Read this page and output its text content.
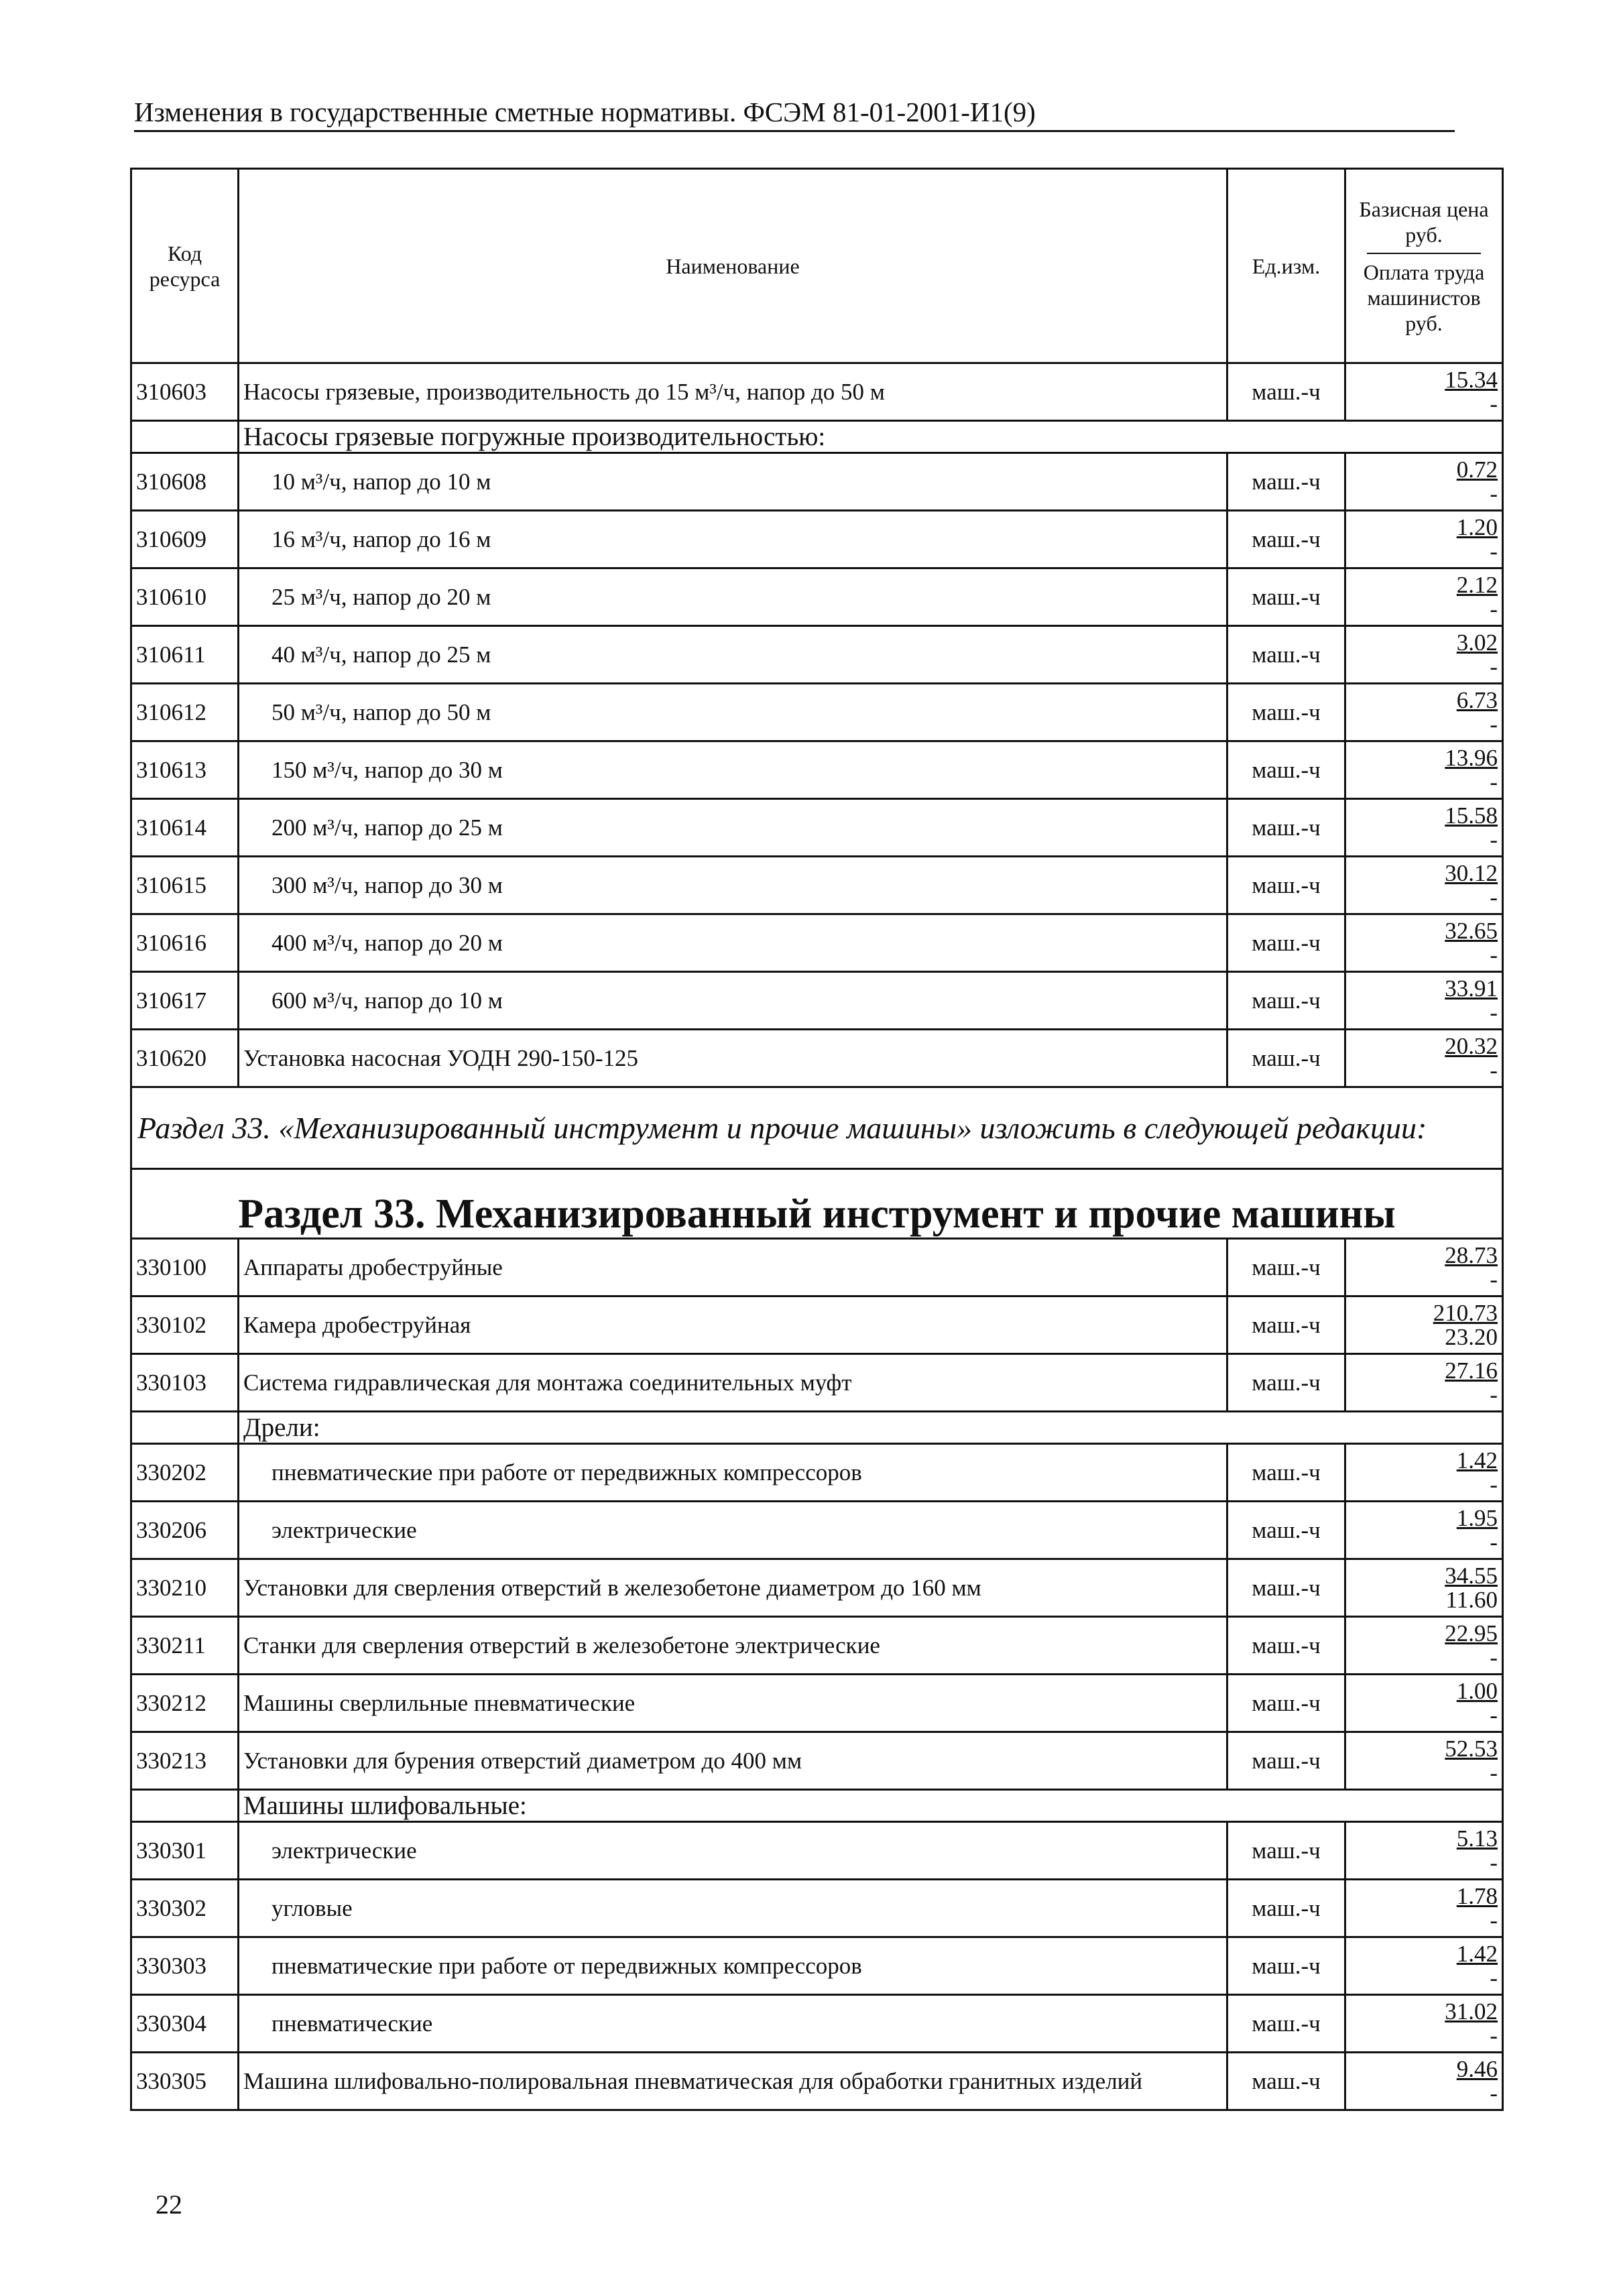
Изменения в государственные сметные нормативы. ФСЭМ 81-01-2001-И1(9)
Код ресурса	Наименование	Ед.изм.	Базисная цена руб.
Оплата труда машинистов руб.

310603	Насосы грязевые, производительность до 15 м³/ч, напор до 50 м	маш.-ч	15.34
-

	Насосы грязевые погружные производительностью:		
310608	10 м³/ч, напор до 10 м	маш.-ч	0.72
-

310609	16 м³/ч, напор до 16 м	маш.-ч	1.20
-

310610	25 м³/ч, напор до 20 м	маш.-ч	2.12
-

310611	40 м³/ч, напор до 25 м	маш.-ч	3.02
-

310612	50 м³/ч, напор до 50 м	маш.-ч	6.73
-

310613	150 м³/ч, напор до 30 м	маш.-ч	13.96
-

310614	200 м³/ч, напор до 25 м	маш.-ч	15.58
-

310615	300 м³/ч, напор до 30 м	маш.-ч	30.12
-

310616	400 м³/ч, напор до 20 м	маш.-ч	32.65
-

310617	600 м³/ч, напор до 10 м	маш.-ч	33.91
-

310620	Установка насосная УОДН 290-150-125	маш.-ч	20.32
-

Раздел 33. «Механизированный инструмент и прочие машины» изложить в следующей редакции:			
Раздел 33. Механизированный инструмент и прочие машины			
330100	Аппараты дробеструйные	маш.-ч	28.73
-

330102	Камера дробеструйная	маш.-ч	210.73
23.20

330103	Система гидравлическая для монтажа соединительных муфт	маш.-ч	27.16
-

	Дрели:		
330202	пневматические при работе от передвижных компрессоров	маш.-ч	1.42
-

330206	электрические	маш.-ч	1.95
-

330210	Установки для сверления отверстий в железобетоне диаметром до 160 мм	маш.-ч	34.55
11.60

330211	Станки для сверления отверстий в железобетоне электрические	маш.-ч	22.95
-

330212	Машины сверлильные пневматические	маш.-ч	1.00
-

330213	Установки для бурения отверстий диаметром до 400 мм	маш.-ч	52.53
-

	Машины шлифовальные:		
330301	электрические	маш.-ч	5.13
-

330302	угловые	маш.-ч	1.78
-

330303	пневматические при работе от передвижных компрессоров	маш.-ч	1.42
-

330304	пневматические	маш.-ч	31.02
-

330305	Машина шлифовально-полировальная пневматическая для обработки гранитных изделий	маш.-ч	9.46
-
22
